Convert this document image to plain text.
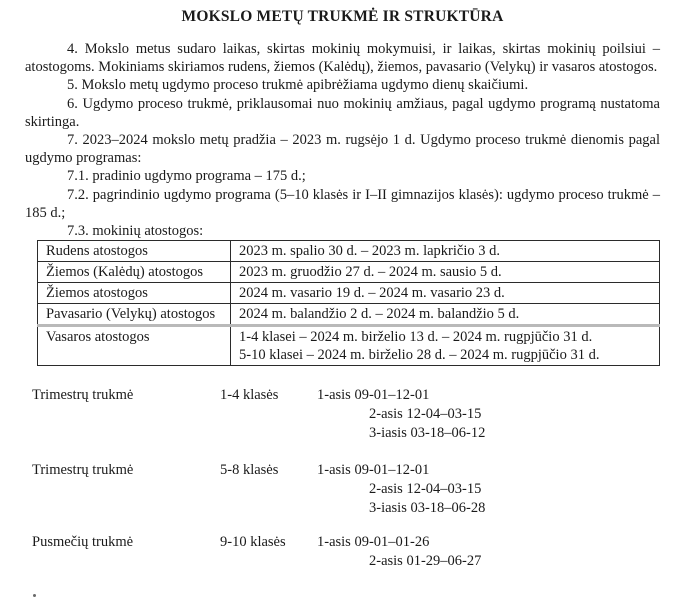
MOKSLO METŲ TRUKMĖ IR STRUKTŪRA

4. Mokslo metus sudaro laikas, skirtas mokinių mokymuisi, ir laikas, skirtas mokinių poilsiui – atostogoms. Mokiniams skiriamos rudens, žiemos (Kalėdų), žiemos, pavasario (Velykų) ir vasaros atostogos.

5. Mokslo metų ugdymo proceso trukmė apibrėžiama ugdymo dienų skaičiumi.

6. Ugdymo proceso trukmė, priklausomai nuo mokinių amžiaus, pagal ugdymo programą nustatoma skirtinga.

7. 2023–2024 mokslo metų pradžia – 2023 m. rugsėjo 1 d. Ugdymo proceso trukmė dienomis pagal ugdymo programas:

7.1. pradinio ugdymo programa – 175 d.;

7.2. pagrindinio ugdymo programa (5–10 klasės ir I–II gimnazijos klasės): ugdymo proceso trukmė – 185 d.;

7.3. mokinių atostogos:

Rudens atostogos	2023 m. spalio 30 d. – 2023 m. lapkričio 3 d.

Žiemos (Kalėdų) atostogos	2023 m. gruodžio 27 d. – 2024 m. sausio 5 d.

Žiemos atostogos	2024 m. vasario 19 d. – 2024 m. vasario 23 d.

Pavasario (Velykų) atostogos	2024 m. balandžio 2 d. – 2024 m. balandžio 5 d.

Vasaros atostogos	1-4 klasei – 2024 m. birželio 13 d. – 2024 m. rugpjūčio 31 d.
5-10 klasei – 2024 m. birželio 28 d. – 2024 m. rugpjūčio 31 d.
Trimestrų trukmė	1-4 klasės	1-asis 09-01–12-01
2-asis 12-04–03-15
3-iasis 03-18–06-12
Trimestrų trukmė	5-8 klasės	1-asis 09-01–12-01
2-asis 12-04–03-15
3-iasis 03-18–06-28
Pusmečių trukmė	9-10 klasės	1-asis 09-01–01-26
2-asis 01-29–06-27
